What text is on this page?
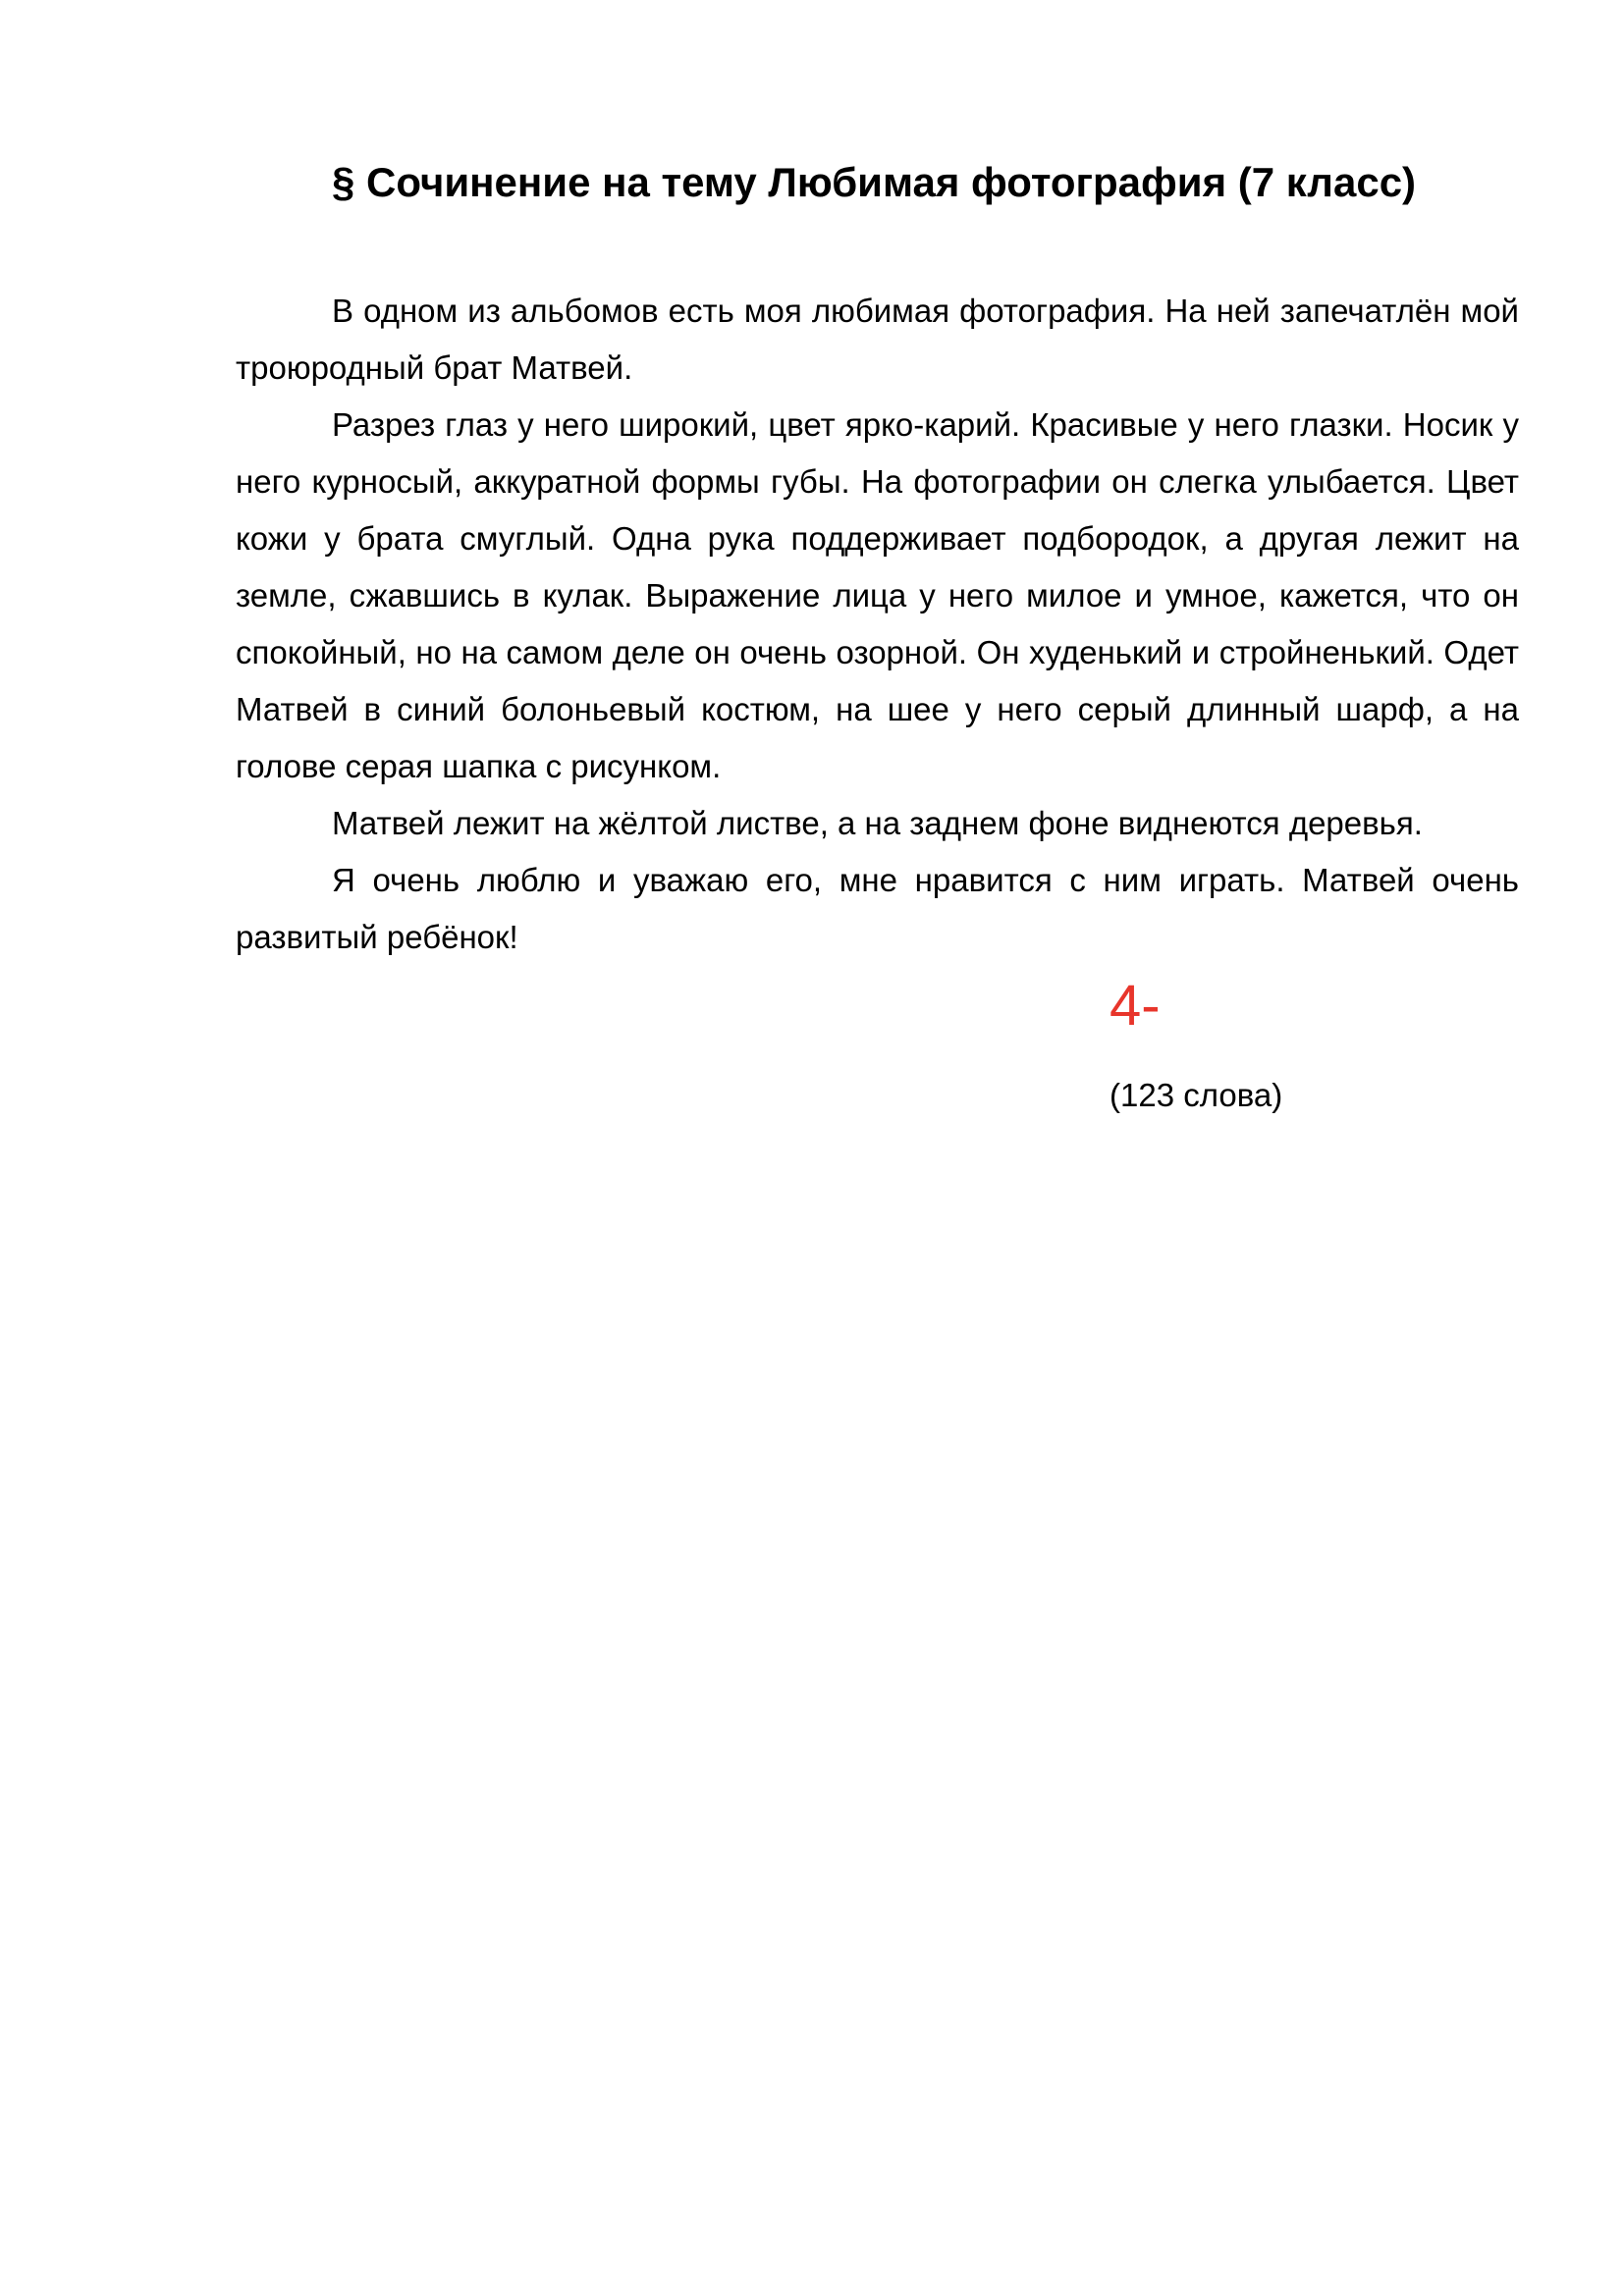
§ Сочинение на тему Любимая фотография (7 класс)

В одном из альбомов есть моя любимая фотография. На ней запечатлён мой троюродный брат Матвей.

Разрез глаз у него широкий, цвет ярко-карий. Красивые у него глазки. Носик у него курносый, аккуратной формы губы. На фотографии он слегка улыбается. Цвет кожи у брата смуглый. Одна рука поддерживает подбородок, а другая лежит на земле, сжавшись в кулак. Выражение лица у него милое и умное, кажется, что он спокойный, но на самом деле он очень озорной. Он худенький и стройненький. Одет Матвей в синий болоньевый костюм, на шее у него серый длинный шарф, а на голове серая шапка с рисунком.

Матвей лежит на жёлтой листве, а на заднем фоне виднеются деревья.

Я очень люблю и уважаю его, мне нравится с ним играть. Матвей очень развитый ребёнок!

4-
(123 слова)
